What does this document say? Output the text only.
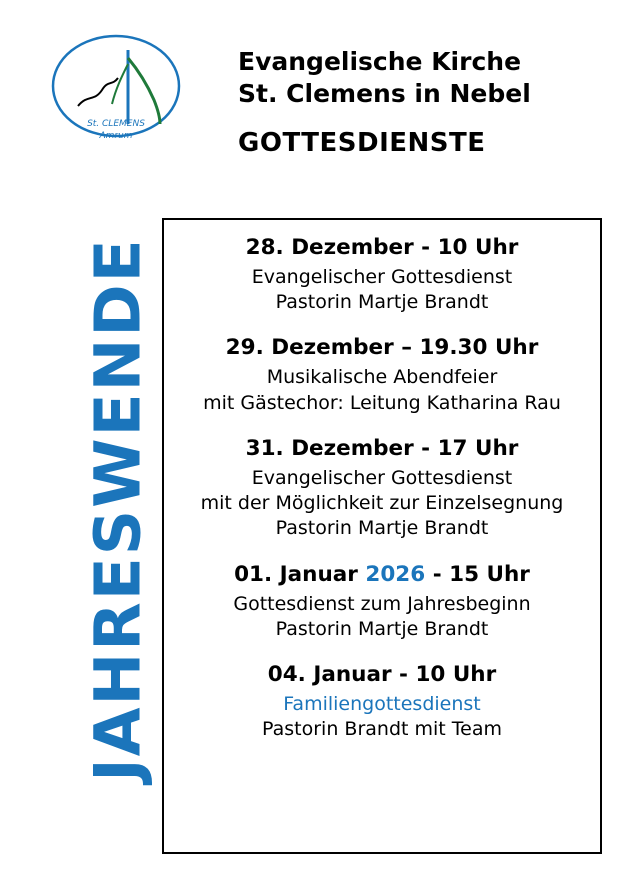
St. CLEMENS
Amrum
JAHRESWENDE
Evangelische Kirche
St. Clemens in Nebel
GOTTESDIENSTE
28. Dezember - 10 Uhr
Evangelischer Gottesdienst
Pastorin Martje Brandt
29. Dezember – 19.30 Uhr
Musikalische Abendfeier
mit Gästechor: Leitung Katharina Rau
31. Dezember - 17 Uhr
Evangelischer Gottesdienst
mit der Möglichkeit zur Einzelsegnung
Pastorin Martje Brandt
01. Januar 2026 - 15 Uhr
Gottesdienst zum Jahresbeginn
Pastorin Martje Brandt
04. Januar - 10 Uhr
Familiengottesdienst
Pastorin Brandt mit Team
